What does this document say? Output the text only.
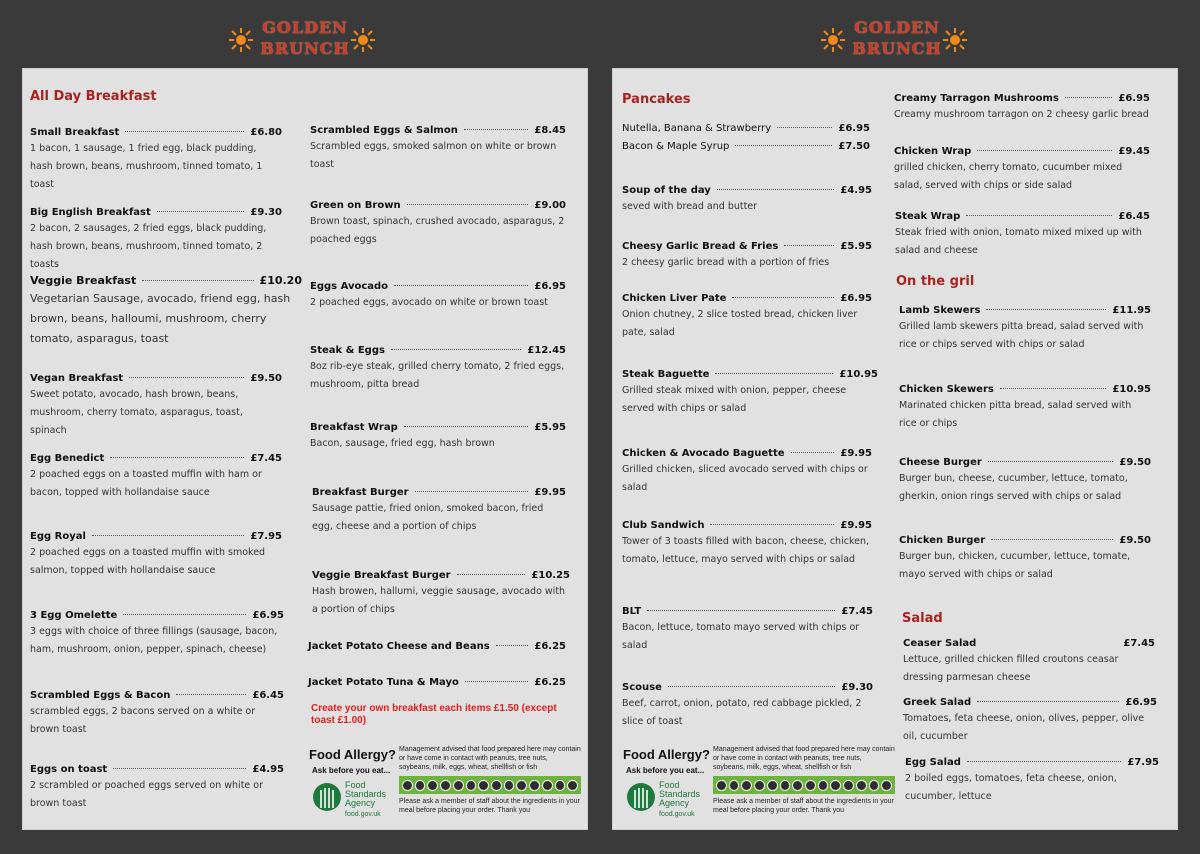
GOLDEN
BRUNCH
GOLDEN
BRUNCH
All Day Breakfast
Small Breakfast	£6.80
1 bacon, 1 sausage, 1 fried egg, black pudding, hash brown, beans, mushroom, tinned tomato, 1 toast
Big English Breakfast	£9.30
2 bacon, 2 sausages, 2 fried eggs, black pudding, hash brown, beans, mushroom, tinned tomato, 2 toasts
Veggie Breakfast	£10.20
Vegetarian Sausage, avocado, friend egg, hash brown, beans, halloumi, mushroom, cherry tomato, asparagus, toast
Vegan Breakfast	£9.50
Sweet potato, avocado, hash brown, beans, mushroom, cherry tomato, asparagus, toast, spinach
Egg Benedict	£7.45
2 poached eggs on a toasted muffin with ham or bacon, topped with hollandaise sauce
Egg Royal	£7.95
2 poached eggs on a toasted muffin with smoked salmon, topped with hollandaise sauce
3 Egg Omelette	£6.95
3 eggs with choice of three fillings (sausage, bacon, ham, mushroom, onion, pepper, spinach, cheese)
Scrambled Eggs & Bacon	£6.45
scrambled eggs, 2 bacons served on a white or brown toast
Eggs on toast	£4.95
2 scrambled or poached eggs served on white or brown toast
Scrambled Eggs & Salmon	£8.45
Scrambled eggs, smoked salmon on white or brown toast
Green on Brown	£9.00
Brown toast, spinach, crushed avocado, asparagus, 2 poached eggs
Eggs Avocado	£6.95
2 poached eggs, avocado on white or brown toast
Steak & Eggs	£12.45
8oz rib-eye steak, grilled cherry tomato, 2 fried eggs, mushroom, pitta bread
Breakfast Wrap	£5.95
Bacon, sausage, fried egg, hash brown
Breakfast Burger	£9.95
Sausage pattie, fried onion, smoked bacon, fried egg, cheese and a portion of chips
Veggie Breakfast Burger	£10.25
Hash browen, hallumi, veggie sausage, avocado with a portion of chips
Jacket Potato Cheese and Beans	£6.25
Jacket Potato Tuna & Mayo	£6.25
Create your own breakfast each items £1.50 (except toast £1.00)
Food Allergy?
Ask before you eat...
Food
Standards
Agency
food.gov.uk
Management advised that food prepared here may contain or have come in contact with peanuts, tree nuts, soybeans, milk, eggs, wheat, shellfish or fish
Please ask a member of staff about the ingredients in your meal before placing your order. Thank you
Pancakes
Nutella, Banana & Strawberry	£6.95
Bacon & Maple Syrup	£7.50
Soup of the day	£4.95
seved with bread and butter
Cheesy Garlic Bread & Fries	£5.95
2 cheesy garlic bread with a portion of fries
Chicken Liver Pate	£6.95
Onion chutney, 2 slice tosted bread, chicken liver pate, salad
Steak Baguette	£10.95
Grilled steak mixed with onion, pepper, cheese served with chips or salad
Chicken & Avocado Baguette	£9.95
Grilled chicken, sliced avocado served with chips or salad
Club Sandwich	£9.95
Tower of 3 toasts filled with bacon, cheese, chicken, tomato, lettuce, mayo served with chips or salad
BLT	£7.45
Bacon, lettuce, tomato mayo served with chips or salad
Scouse	£9.30
Beef, carrot, onion, potato, red cabbage pickled, 2 slice of toast
Food Allergy?
Ask before you eat...
Food
Standards
Agency
food.gov.uk
Management advised that food prepared here may contain or have come in contact with peanuts, tree nuts, soybeans, milk, eggs, wheat, shellfish or fish
Please ask a member of staff about the ingredients in your meal before placing your order. Thank you
Creamy Tarragon Mushrooms	£6.95
Creamy mushroom tarragon on 2 cheesy garlic bread
Chicken Wrap	£9.45
grilled chicken, cherry tomato, cucumber mixed salad, served with chips or side salad
Steak Wrap	£6.45
Steak fried with onion, tomato mixed mixed up with salad and cheese
On the gril
Lamb Skewers	£11.95
Grilled lamb skewers pitta bread, salad served with rice or chips served with chips or salad
Chicken Skewers	£10.95
Marinated chicken pitta bread, salad served with rice or chips
Cheese Burger	£9.50
Burger bun, cheese, cucumber, lettuce, tomato, gherkin, onion rings served with chips or salad
Chicken Burger	£9.50
Burger bun, chicken, cucumber, lettuce, tomate, mayo served with chips or salad
Salad
Ceaser Salad	£7.45
Lettuce, grilled chicken filled croutons ceasar dressing parmesan cheese
Greek Salad	£6.95
Tomatoes, feta cheese, onion, olives, pepper, olive oil, cucumber
Egg Salad	£7.95
2 boiled eggs, tomatoes, feta cheese, onion, cucumber, lettuce
